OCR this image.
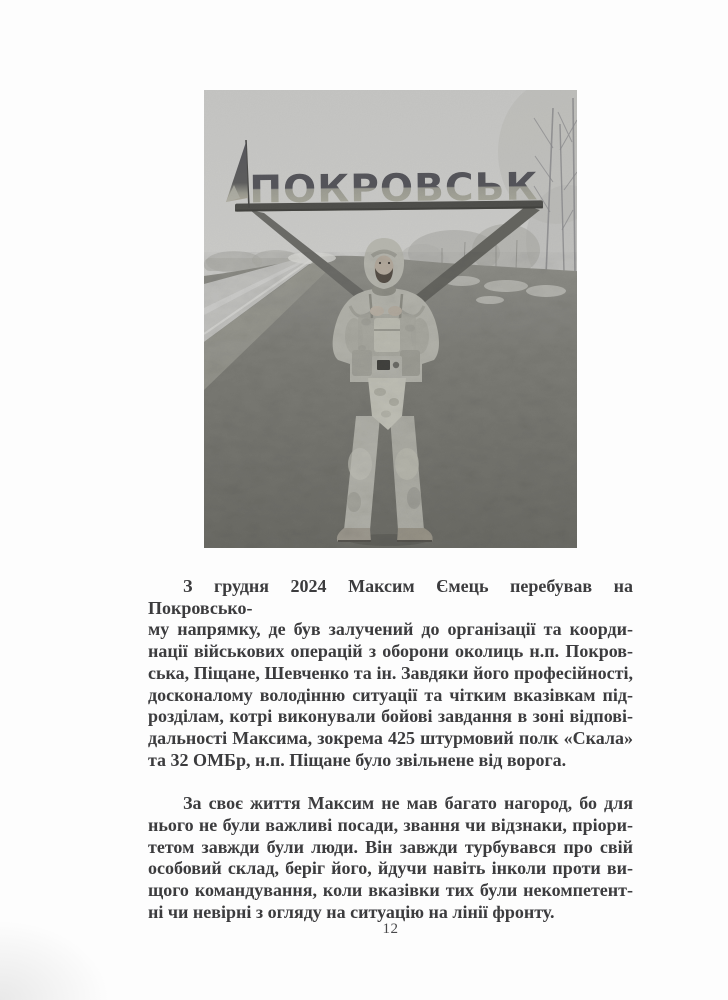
ПОКРОВСЬК
З грудня 2024 Максим Ємець перебував на Покровсько-
му напрямку, де був залучений до організації та коорди-
нації військових операцій з оборони околиць н.п. Покров-
ська, Піщане, Шевченко та ін. Завдяки його професійності,
досконалому володінню ситуації та чітким вказівкам під-
розділам, котрі виконували бойові завдання в зоні відпові-
дальності Максима, зокрема 425 штурмовий полк «Скала»
та 32 ОМБр, н.п. Піщане було звільнене від ворога.
За своє життя Максим не мав багато нагород, бо для
нього не були важливі посади, звання чи відзнаки, пріори-
тетом завжди були люди. Він завжди турбувався про свій
особовий склад, беріг його, йдучи навіть інколи проти ви-
щого командування, коли вказівки тих були некомпетент-
ні чи невірні з огляду на ситуацію на лінії фронту.
12
